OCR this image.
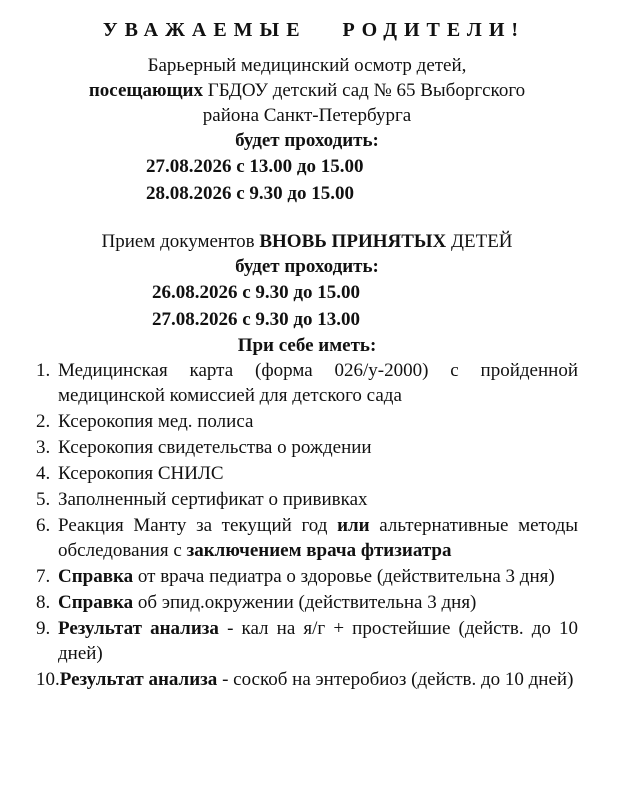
УВАЖАЕМЫЕ   РОДИТЕЛИ!

Барьерный медицинский осмотр детей,

посещающих ГБДОУ детский сад № 65 Выборгского

района Санкт-Петербурга

будет проходить:

27.08.2026 с 13.00 до 15.00
28.08.2026 с 9.30 до 15.00

Прием документов ВНОВЬ ПРИНЯТЫХ ДЕТЕЙ

будет проходить:

26.08.2026 с 9.30 до 15.00
27.08.2026 с 9.30 до 13.00

При себе иметь:

1. Медицинская карта (форма 026/у-2000) с пройденной медицинской комиссией для детского сада
2. Ксерокопия мед. полиса
3. Ксерокопия свидетельства о рождении
4. Ксерокопия СНИЛС
5. Заполненный сертификат о прививках
6. Реакция Манту за текущий год или альтернативные методы обследования с заключением врача фтизиатра
7. Справка от врача педиатра о здоровье (действительна 3 дня)
8. Справка об эпид.окружении (действительна 3 дня)
9. Результат анализа - кал на я/г + простейшие (действ. до 10 дней)
10.Результат анализа - соскоб на энтеробиоз (действ. до 10 дней)
